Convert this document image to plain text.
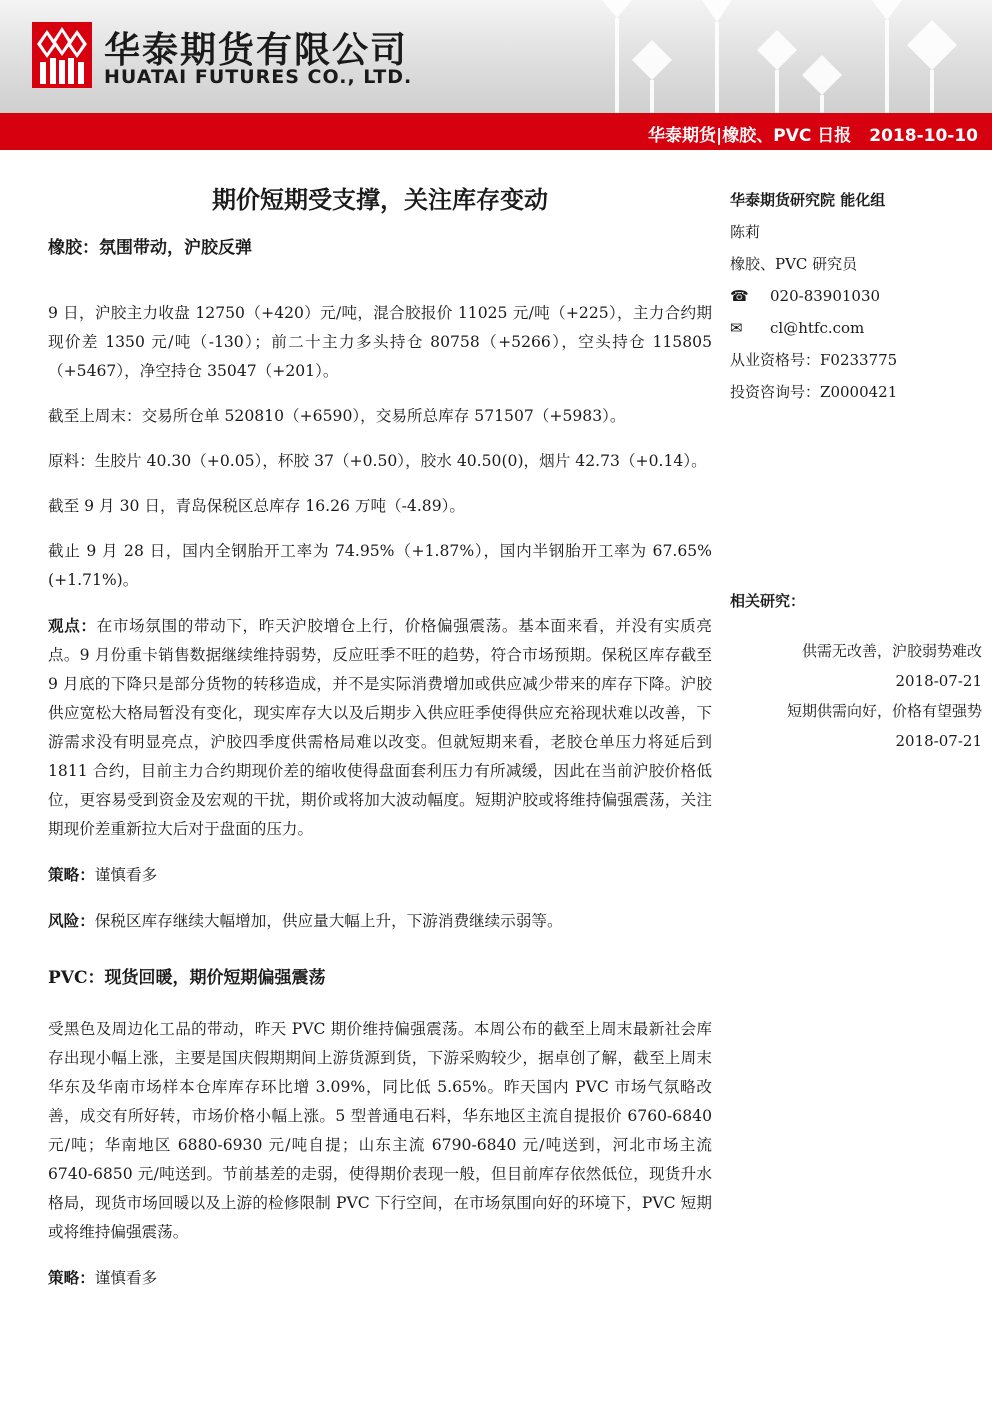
华泰期货有限公司
HUATAI FUTURES CO., LTD.
华泰期货|橡胶、PVC 日报 2018-10-10
期价短期受支撑，关注库存变动
橡胶：氛围带动，沪胶反弹
9 日，沪胶主力收盘 12750（+420）元/吨，混合胶报价 11025 元/吨（+225），主力合约期现价差 1350 元/吨（-130）；前二十主力多头持仓 80758（+5266），空头持仓 115805（+5467），净空持仓 35047（+201）。
截至上周末：交易所仓单 520810（+6590），交易所总库存 571507（+5983）。
原料：生胶片 40.30（+0.05），杯胶 37（+0.50），胶水 40.50(0)，烟片 42.73（+0.14）。
截至 9 月 30 日，青岛保税区总库存 16.26 万吨（-4.89）。
截止 9 月 28 日，国内全钢胎开工率为 74.95%（+1.87%），国内半钢胎开工率为 67.65%(+1.71%)。
观点：在市场氛围的带动下，昨天沪胶增仓上行，价格偏强震荡。基本面来看，并没有实质亮点。9 月份重卡销售数据继续维持弱势，反应旺季不旺的趋势，符合市场预期。保税区库存截至 9 月底的下降只是部分货物的转移造成，并不是实际消费增加或供应减少带来的库存下降。沪胶供应宽松大格局暂没有变化，现实库存大以及后期步入供应旺季使得供应充裕现状难以改善，下游需求没有明显亮点，沪胶四季度供需格局难以改变。但就短期来看，老胶仓单压力将延后到 1811 合约，目前主力合约期现价差的缩收使得盘面套利压力有所减缓，因此在当前沪胶价格低位，更容易受到资金及宏观的干扰，期价或将加大波动幅度。短期沪胶或将维持偏强震荡，关注期现价差重新拉大后对于盘面的压力。
策略：谨慎看多
风险：保税区库存继续大幅增加，供应量大幅上升，下游消费继续示弱等。
PVC：现货回暖，期价短期偏强震荡
受黑色及周边化工品的带动，昨天 PVC 期价维持偏强震荡。本周公布的截至上周末最新社会库存出现小幅上涨，主要是国庆假期期间上游货源到货，下游采购较少，据卓创了解，截至上周末华东及华南市场样本仓库库存环比增 3.09%，同比低 5.65%。昨天国内 PVC 市场气氛略改善，成交有所好转，市场价格小幅上涨。5 型普通电石料，华东地区主流自提报价 6760-6840 元/吨；华南地区 6880-6930 元/吨自提；山东主流 6790-6840 元/吨送到，河北市场主流 6740-6850 元/吨送到。节前基差的走弱，使得期价表现一般，但目前库存依然低位，现货升水格局，现货市场回暖以及上游的检修限制 PVC 下行空间，在市场氛围向好的环境下，PVC 短期或将维持偏强震荡。
策略：谨慎看多
华泰期货研究院 能化组
陈莉
橡胶、PVC 研究员
☎ 020-83901030
✉ cl@htfc.com
从业资格号：F0233775
投资咨询号：Z0000421
相关研究：
供需无改善，沪胶弱势难改
2018-07-21
短期供需向好，价格有望强势
2018-07-21
